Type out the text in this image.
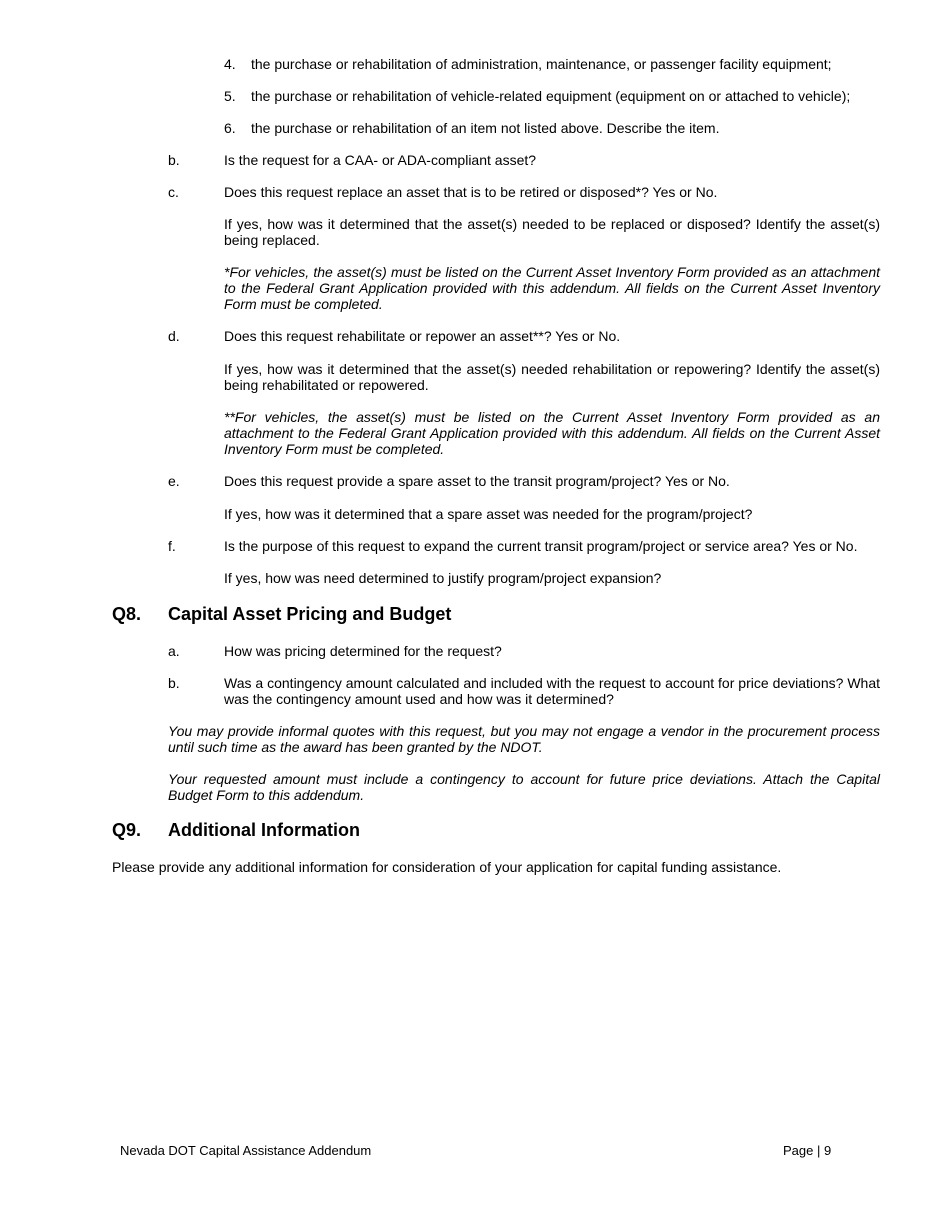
4. the purchase or rehabilitation of administration, maintenance, or passenger facility equipment;
5. the purchase or rehabilitation of vehicle-related equipment (equipment on or attached to vehicle);
6. the purchase or rehabilitation of an item not listed above. Describe the item.
b.	Is the request for a CAA- or ADA-compliant asset?
c.	Does this request replace an asset that is to be retired or disposed*? Yes or No.
If yes, how was it determined that the asset(s) needed to be replaced or disposed? Identify the asset(s) being replaced.
*For vehicles, the asset(s) must be listed on the Current Asset Inventory Form provided as an attachment to the Federal Grant Application provided with this addendum. All fields on the Current Asset Inventory Form must be completed.
d.	Does this request rehabilitate or repower an asset**? Yes or No.
If yes, how was it determined that the asset(s) needed rehabilitation or repowering? Identify the asset(s) being rehabilitated or repowered.
**For vehicles, the asset(s) must be listed on the Current Asset Inventory Form provided as an attachment to the Federal Grant Application provided with this addendum. All fields on the Current Asset Inventory Form must be completed.
e.	Does this request provide a spare asset to the transit program/project? Yes or No.
If yes, how was it determined that a spare asset was needed for the program/project?
f.	Is the purpose of this request to expand the current transit program/project or service area? Yes or No.
If yes, how was need determined to justify program/project expansion?
Q8. Capital Asset Pricing and Budget
a.	How was pricing determined for the request?
b.	Was a contingency amount calculated and included with the request to account for price deviations? What was the contingency amount used and how was it determined?
You may provide informal quotes with this request, but you may not engage a vendor in the procurement process until such time as the award has been granted by the NDOT.
Your requested amount must include a contingency to account for future price deviations. Attach the Capital Budget Form to this addendum.
Q9. Additional Information
Please provide any additional information for consideration of your application for capital funding assistance.
Nevada DOT Capital Assistance Addendum	Page | 9
